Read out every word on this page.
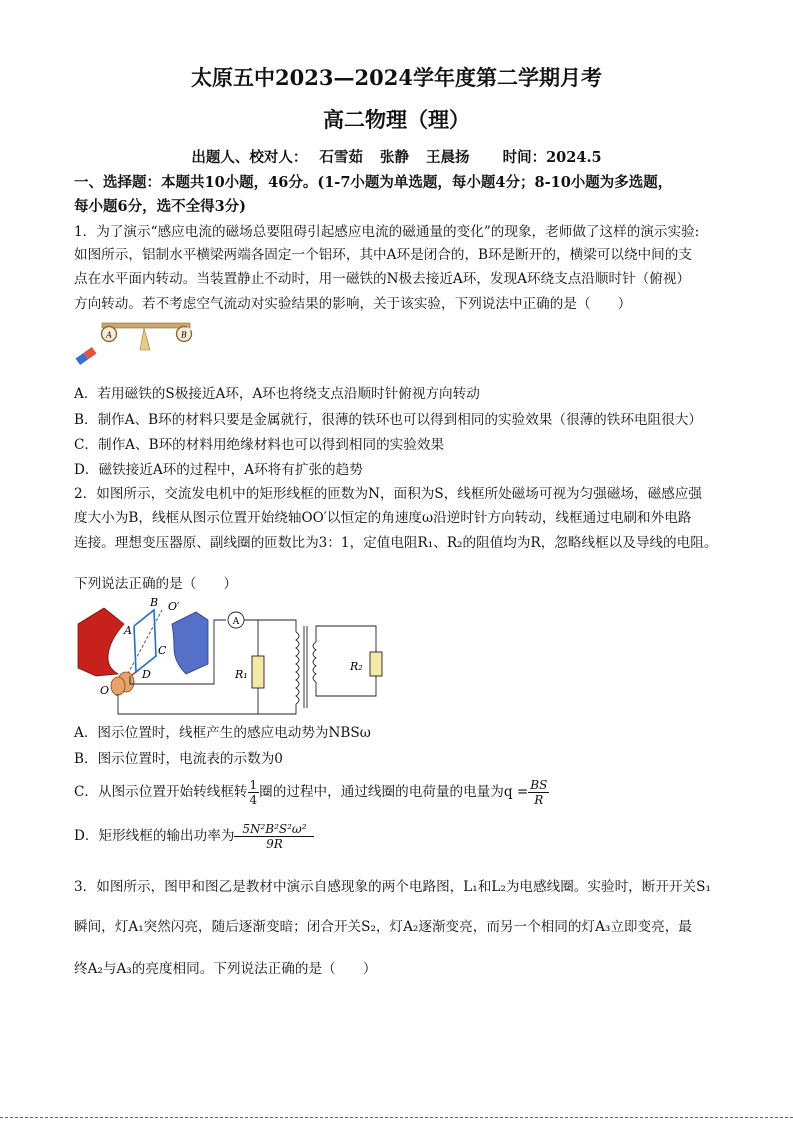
太原五中2023—2024学年度第二学期月考
高二物理（理）
出题人、校对人： 石雪茹 张静 王晨扬 时间：2024.5
一、选择题：本题共10小题，46分。(1-7小题为单选题，每小题4分；8-10小题为多选题，
每小题6分，选不全得3分)
1．为了演示“感应电流的磁场总要阻碍引起感应电流的磁通量的变化”的现象，老师做了这样的演示实验:
如图所示，铝制水平横梁两端各固定一个铝环，其中A环是闭合的，B环是断开的，横梁可以绕中间的支
点在水平面内转动。当装置静止不动时，用一磁铁的N极去接近A环，发现A环绕支点沿顺时针（俯视）
方向转动。若不考虑空气流动对实验结果的影响，关于该实验，下列说法中正确的是（　　）
A	B
A．若用磁铁的S极接近A环，A环也将绕支点沿顺时针俯视方向转动
B．制作A、B环的材料只要是金属就行，很薄的铁环也可以得到相同的实验效果（很薄的铁环电阻很大）
C．制作A、B环的材料用绝缘材料也可以得到相同的实验效果
D．磁铁接近A环的过程中，A环将有扩张的趋势
2．如图所示，交流发电机中的矩形线框的匝数为N，面积为S，线框所处磁场可视为匀强磁场，磁感应强
度大小为B，线框从图示位置开始绕轴OO′以恒定的角速度ω沿逆时针方向转动，线框通过电刷和外电路
连接。理想变压器原、副线圈的匝数比为3：1，定值电阻R₁、R₂的阻值均为R，忽略线框以及导线的电阻。
下列说法正确的是（　　）
B O′
A
C
D
O
A
R₁
R₂
A．图示位置时，线框产生的感应电动势为NBSω
B．图示位置时，电流表的示数为0
C．从图示位置开始转线框转 $\frac{1}{4}$ 圈的过程中，通过线圈的电荷量的电量为$q = \frac{BS}{R}$
D．矩形线框的输出功率为 $\frac{\text{5N²B²S²ω²}}{9R}$
3．如图所示，图甲和图乙是教材中演示自感现象的两个电路图，L₁和L₂为电感线圈。实验时，断开开关S₁
瞬间，灯A₁突然闪亮，随后逐渐变暗；闭合开关S₂，灯A₂逐渐变亮，而另一个相同的灯A₃立即变亮，最
终A₂与A₃的亮度相同。下列说法正确的是（　　）
